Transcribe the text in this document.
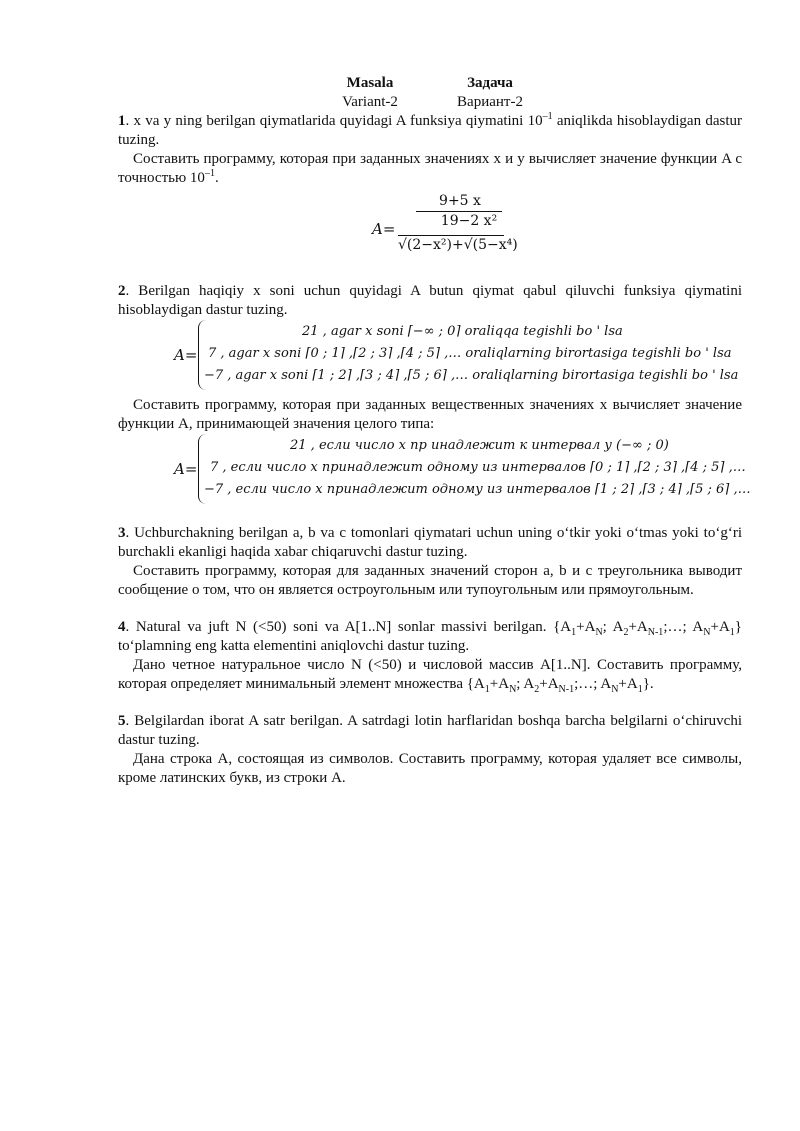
Masala	Задача
Variant-2	Вариант-2

1. x va y ning berilgan qiymatlarida quyidagi A funksiya qiymatini $10^{-1}$ aniqlikda hisoblaydigan dastur tuzing.

Составить программу, которая при заданных значениях x и y вычисляет значение функции A с точностью $10^{-1}$.

A=
9+5 x
19−2 x²
√(2−x²)+√(5−x⁴)

2. Berilgan haqiqiy x soni uchun quyidagi A butun qiymat qabul qiluvchi funksiya qiymatini hisoblaydigan dastur tuzing.

A=
21 , agar x soni ⌈−∞ ; 0⌉ oraliqqa tegishli bo ' lsa
7 , agar x soni ⌈0 ; 1⌉ ,⌈2 ; 3⌉ ,⌈4 ; 5⌉ ,… oraliqlarning birortasiga tegishli bo ' lsa
−7 , agar x soni ⌈1 ; 2⌉ ,⌈3 ; 4⌉ ,⌈5 ; 6⌉ ,… oraliqlarning birortasiga tegishli bo ' lsa

Составить программу, которая при заданных вещественных значениях x вычисляет значение функции A, принимающей значения целого типа:

A=
21 , если число x пр инадлежит к интервал у (−∞ ; 0)
7 , если число x принадлежит одному из интервалов ⌈0 ; 1⌉ ,⌈2 ; 3⌉ ,⌈4 ; 5⌉ ,…
−7 , если число x принадлежит одному из интервалов ⌈1 ; 2⌉ ,⌈3 ; 4⌉ ,⌈5 ; 6⌉ ,…

3. Uchburchakning berilgan a, b va c tomonlari qiymatari uchun uning o‘tkir yoki o‘tmas yoki to‘g‘ri burchakli ekanligi haqida xabar chiqaruvchi dastur tuzing.

Составить программу, которая для заданных значений сторон a, b и c треугольника выводит сообщение о том, что он является остроугольным или тупоугольным или прямоугольным.

4. Natural va juft N (<50) soni va A[1..N] sonlar massivi berilgan. {$A_1+A_N$; $A_2+A_{N-1};\dots$; $A_N+A_1$} to‘plamning eng katta elementini aniqlovchi dastur tuzing.

Дано четное натуральное число N (<50) и числовой массив A[1..N]. Составить программу, которая определяет минимальный элемент множества {$A_1+A_N$; $A_2+A_{N-1};\dots$; $A_N+A_1$}.

5. Belgilardan iborat A satr berilgan. A satrdagi lotin harflaridan boshqa barcha belgilarni o‘chiruvchi dastur tuzing.

Дана строка A, состоящая из символов. Составить программу, которая удаляет все символы, кроме латинских букв, из строки A.
